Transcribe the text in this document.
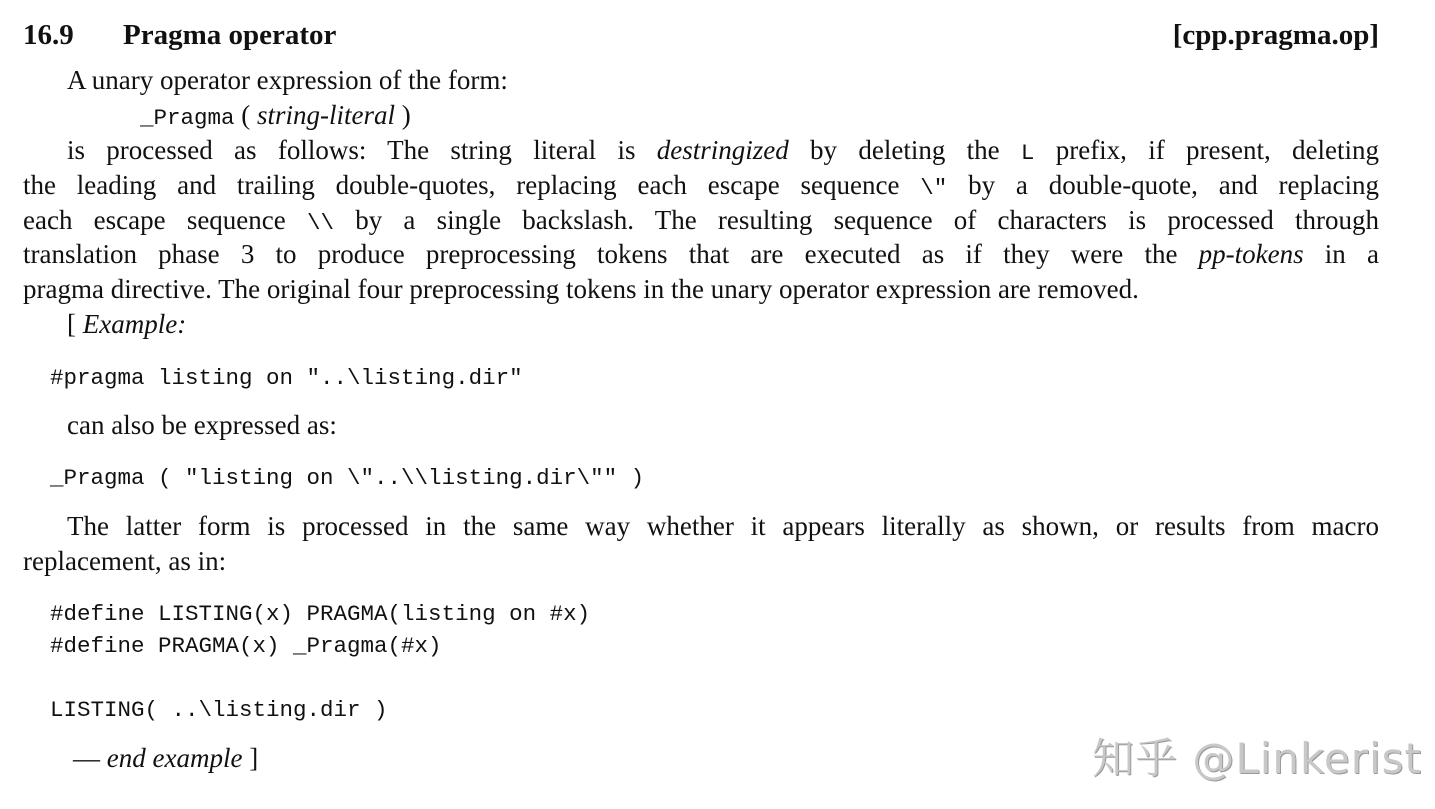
16.9 Pragma operator	[cpp.pragma.op]
A unary operator expression of the form:
_Pragma ( string-literal )
is processed as follows: The string literal is destringized by deleting the L prefix, if present, deleting
the leading and trailing double-quotes, replacing each escape sequence \" by a double-quote, and replacing
each escape sequence \\ by a single backslash. The resulting sequence of characters is processed through
translation phase 3 to produce preprocessing tokens that are executed as if they were the pp-tokens in a
pragma directive. The original four preprocessing tokens in the unary operator expression are removed.
[ Example:
#pragma listing on "..\listing.dir"
can also be expressed as:
_Pragma ( "listing on \"..\\listing.dir\"" )
The latter form is processed in the same way whether it appears literally as shown, or results from macro
replacement, as in:
#define LISTING(x) PRAGMA(listing on #x)
#define PRAGMA(x) _Pragma(#x)
LISTING( ..\listing.dir )
— end example ]	知乎 @Linkerist
